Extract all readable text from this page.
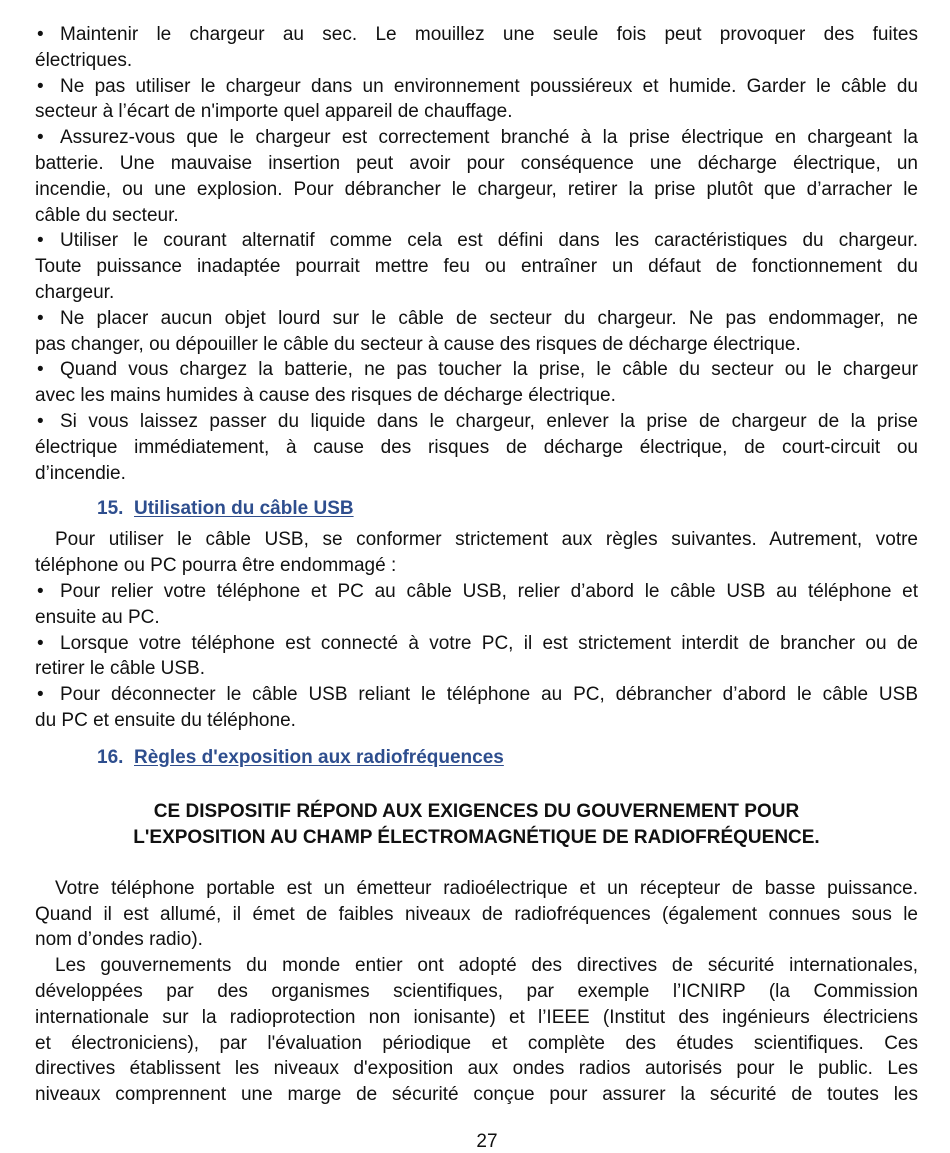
• Maintenir le chargeur au sec. Le mouillez une seule fois peut provoquer des fuites
électriques.
• Ne pas utiliser le chargeur dans un environnement poussiéreux et humide. Garder le câble du
secteur à l’écart de n'importe quel appareil de chauffage.
• Assurez-vous que le chargeur est correctement branché à la prise électrique en chargeant la
batterie. Une mauvaise insertion peut avoir pour conséquence une décharge électrique, un
incendie, ou une explosion. Pour débrancher le chargeur, retirer la prise plutôt que d’arracher le
câble du secteur.
• Utiliser le courant alternatif comme cela est défini dans les caractéristiques du chargeur.
Toute puissance inadaptée pourrait mettre feu ou entraîner un défaut de fonctionnement du
chargeur.
• Ne placer aucun objet lourd sur le câble de secteur du chargeur. Ne pas endommager, ne
pas changer, ou dépouiller le câble du secteur à cause des risques de décharge électrique.
• Quand vous chargez la batterie, ne pas toucher la prise, le câble du secteur ou le chargeur
avec les mains humides à cause des risques de décharge électrique.
• Si vous laissez passer du liquide dans le chargeur, enlever la prise de chargeur de la prise
électrique immédiatement, à cause des risques de décharge électrique, de court-circuit ou
d’incendie.
15. Utilisation du câble USB
Pour utiliser le câble USB, se conformer strictement aux règles suivantes. Autrement, votre
téléphone ou PC pourra être endommagé :
• Pour relier votre téléphone et PC au câble USB, relier d’abord le câble USB au téléphone et
ensuite au PC.
• Lorsque votre téléphone est connecté à votre PC, il est strictement interdit de brancher ou de
retirer le câble USB.
• Pour déconnecter le câble USB reliant le téléphone au PC, débrancher d’abord le câble USB
du PC et ensuite du téléphone.
16. Règles d'exposition aux radiofréquences
CE DISPOSITIF RÉPOND AUX EXIGENCES DU GOUVERNEMENT POUR
L'EXPOSITION AU CHAMP ÉLECTROMAGNÉTIQUE DE RADIOFRÉQUENCE.
Votre téléphone portable est un émetteur radioélectrique et un récepteur de basse puissance.
Quand il est allumé, il émet de faibles niveaux de radiofréquences (également connues sous le
nom d’ondes radio).
Les gouvernements du monde entier ont adopté des directives de sécurité internationales,
développées par des organismes scientifiques, par exemple l’ICNIRP (la Commission
internationale sur la radioprotection non ionisante) et l’IEEE (Institut des ingénieurs électriciens
et électroniciens), par l'évaluation périodique et complète des études scientifiques. Ces
directives établissent les niveaux d'exposition aux ondes radios autorisés pour le public. Les
niveaux comprennent une marge de sécurité conçue pour assurer la sécurité de toutes les
27
